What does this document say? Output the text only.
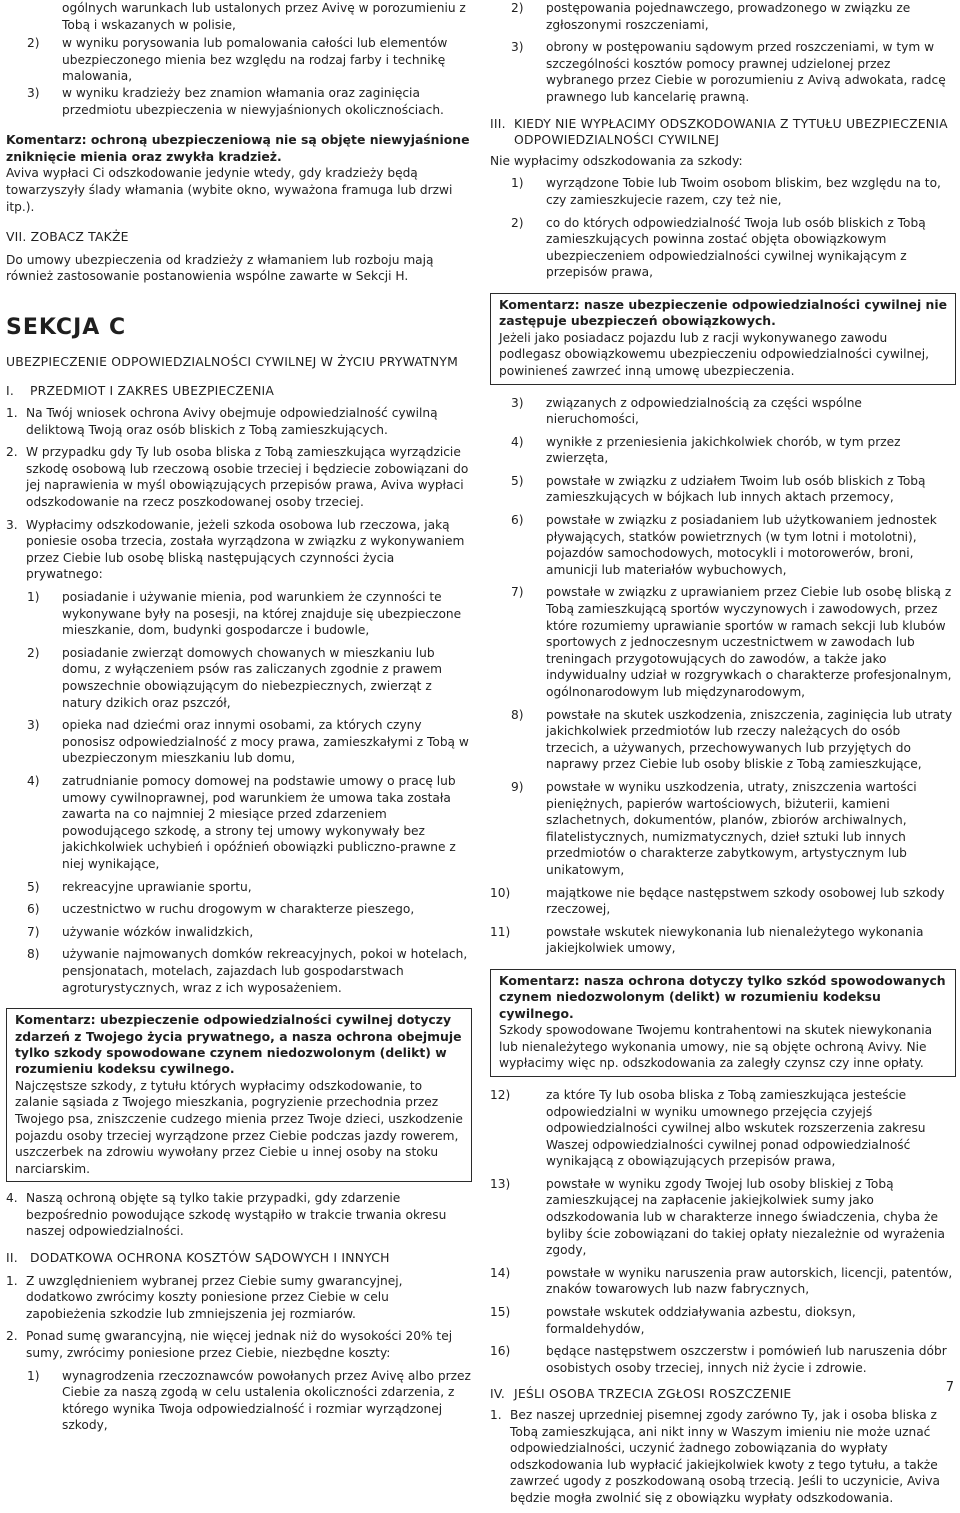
ogólnych warunkach lub ustalonych przez Avivę w porozumieniu z Tobą i wskazanych w polisie,

2) w wyniku porysowania lub pomalowania całości lub elementów ubezpieczonego mienia bez względu na rodzaj farby i technikę malowania,
3) w wyniku kradzieży bez znamion włamania oraz zaginięcia przedmiotu ubezpieczenia w niewyjaśnionych okolicznościach.

Komentarz: ochroną ubezpieczeniową nie są objęte niewyjaśnione zniknięcie mienia oraz zwykła kradzież.

Aviva wypłaci Ci odszkodowanie jedynie wtedy, gdy kradzieży będą towarzyszyły ślady włamania (wybite okno, wyważona framuga lub drzwi itp.).

VII. ZOBACZ TAKŻE

Do umowy ubezpieczenia od kradzieży z włamaniem lub rozboju mają również zastosowanie postanowienia wspólne zawarte w Sekcji H.

SEKCJA C

UBEZPIECZENIE ODPOWIEDZIALNOŚCI CYWILNEJ W ŻYCIU PRYWATNYM

I. PRZEDMIOT I ZAKRES UBEZPIECZENIA

1. Na Twój wniosek ochrona Avivy obejmuje odpowiedzialność cywilną deliktową Twoją oraz osób bliskich z Tobą zamieszkujących.
2. W przypadku gdy Ty lub osoba bliska z Tobą zamieszkująca wyrządzicie szkodę osobową lub rzeczową osobie trzeciej i będziecie zobowiązani do jej naprawienia w myśl obowiązujących przepisów prawa, Aviva wypłaci odszkodowanie na rzecz poszkodowanej osoby trzeciej.
3. Wypłacimy odszkodowanie, jeżeli szkoda osobowa lub rzeczowa, jaką poniesie osoba trzecia, została wyrządzona w związku z wykonywaniem przez Ciebie lub osobę bliską następujących czynności życia prywatnego:
1) posiadanie i używanie mienia, pod warunkiem że czynności te wykonywane były na posesji, na której znajduje się ubezpieczone mieszkanie, dom, budynki gospodarcze i budowle,
2) posiadanie zwierząt domowych chowanych w mieszkaniu lub domu, z wyłączeniem psów ras zaliczanych zgodnie z prawem powszechnie obowiązującym do niebezpiecznych, zwierząt z natury dzikich oraz pszczół,
3) opieka nad dziećmi oraz innymi osobami, za których czyny ponosisz odpowiedzialność z mocy prawa, zamieszkałymi z Tobą w ubezpieczonym mieszkaniu lub domu,
4) zatrudnianie pomocy domowej na podstawie umowy o pracę lub umowy cywilnoprawnej, pod warunkiem że umowa taka została zawarta na co najmniej 2 miesiące przed zdarzeniem powodującego szkodę, a strony tej umowy wykonywały bez jakichkolwiek uchybień i opóźnień obowiązki publiczno-prawne z niej wynikające,
5) rekreacyjne uprawianie sportu,
6) uczestnictwo w ruchu drogowym w charakterze pieszego,
7) używanie wózków inwalidzkich,
8) używanie najmowanych domków rekreacyjnych, pokoi w hotelach, pensjonatach, motelach, zajazdach lub gospodarstwach agroturystycznych, wraz z ich wyposażeniem.

Komentarz: ubezpieczenie odpowiedzialności cywilnej dotyczy zdarzeń z Twojego życia prywatnego, a nasza ochrona obejmuje tylko szkody spowodowane czynem niedozwolonym (delikt) w rozumieniu kodeksu cywilnego.

Najczęstsze szkody, z tytułu których wypłacimy odszkodowanie, to zalanie sąsiada z Twojego mieszkania, pogryzienie przechodnia przez Twojego psa, zniszczenie cudzego mienia przez Twoje dzieci, uszkodzenie pojazdu osoby trzeciej wyrządzone przez Ciebie podczas jazdy rowerem, uszczerbek na zdrowiu wywołany przez Ciebie u innej osoby na stoku narciarskim.

4. Naszą ochroną objęte są tylko takie przypadki, gdy zdarzenie bezpośrednio powodujące szkodę wystąpiło w trakcie trwania okresu naszej odpowiedzialności.

II. DODATKOWA OCHRONA KOSZTÓW SĄDOWYCH I INNYCH

1. Z uwzględnieniem wybranej przez Ciebie sumy gwarancyjnej, dodatkowo zwrócimy koszty poniesione przez Ciebie w celu zapobieżenia szkodzie lub zmniejszenia jej rozmiarów.
2. Ponad sumę gwarancyjną, nie więcej jednak niż do wysokości 20% tej sumy, zwrócimy poniesione przez Ciebie, niezbędne koszty:
1) wynagrodzenia rzeczoznawców powołanych przez Avivę albo przez Ciebie za naszą zgodą w celu ustalenia okoliczności zdarzenia, z którego wynika Twoja odpowiedzialność i rozmiar wyrządzonej szkody,
2) postępowania pojednawczego, prowadzonego w związku ze zgłoszonymi roszczeniami,
3) obrony w postępowaniu sądowym przed roszczeniami, w tym w szczególności kosztów pomocy prawnej udzielonej przez wybranego przez Ciebie w porozumieniu z Avivą adwokata, radcę prawnego lub kancelarię prawną.
III. KIEDY NIE WYPŁACIMY ODSZKODOWANIA Z TYTUŁU UBEZPIECZENIA ODPOWIEDZIALNOŚCI CYWILNEJ

Nie wypłacimy odszkodowania za szkody:

1) wyrządzone Tobie lub Twoim osobom bliskim, bez względu na to, czy zamieszkujecie razem, czy też nie,
2) co do których odpowiedzialność Twoja lub osób bliskich z Tobą zamieszkujących powinna zostać objęta obowiązkowym ubezpieczeniem odpowiedzialności cywilnej wynikającym z przepisów prawa,

Komentarz: nasze ubezpieczenie odpowiedzialności cywilnej nie zastępuje ubezpieczeń obowiązkowych.

Jeżeli jako posiadacz pojazdu lub z racji wykonywanego zawodu podlegasz obowiązkowemu ubezpieczeniu odpowiedzialności cywilnej, powinieneś zawrzeć inną umowę ubezpieczenia.

3) związanych z odpowiedzialnością za części wspólne nieruchomości,
4) wynikłe z przeniesienia jakichkolwiek chorób, w tym przez zwierzęta,
5) powstałe w związku z udziałem Twoim lub osób bliskich z Tobą zamieszkujących w bójkach lub innych aktach przemocy,
6) powstałe w związku z posiadaniem lub użytkowaniem jednostek pływających, statków powietrznych (w tym lotni i motolotni), pojazdów samochodowych, motocykli i motorowerów, broni, amunicji lub materiałów wybuchowych,
7) powstałe w związku z uprawianiem przez Ciebie lub osobę bliską z Tobą zamieszkującą sportów wyczynowych i zawodowych, przez które rozumiemy uprawianie sportów w ramach sekcji lub klubów sportowych z jednoczesnym uczestnictwem w zawodach lub treningach przygotowujących do zawodów, a także jako indywidualny udział w rozgrywkach o charakterze profesjonalnym, ogólnonarodowym lub międzynarodowym,
8) powstałe na skutek uszkodzenia, zniszczenia, zaginięcia lub utraty jakichkolwiek przedmiotów lub rzeczy należących do osób trzecich, a używanych, przechowywanych lub przyjętych do naprawy przez Ciebie lub osoby bliskie z Tobą zamieszkujące,
9) powstałe w wyniku uszkodzenia, utraty, zniszczenia wartości pieniężnych, papierów wartościowych, biżuterii, kamieni szlachetnych, dokumentów, planów, zbiorów archiwalnych, filatelistycznych, numizmatycznych, dzieł sztuki lub innych przedmiotów o charakterze zabytkowym, artystycznym lub unikatowym,
10)	majątkowe nie będące następstwem szkody osobowej lub szkody rzeczowej,
11)	powstałe wskutek niewykonania lub nienależytego wykonania jakiejkolwiek umowy,

Komentarz: nasza ochrona dotyczy tylko szkód spowodowanych czynem niedozwolonym (delikt) w rozumieniu kodeksu cywilnego.

Szkody spowodowane Twojemu kontrahentowi na skutek niewykonania lub nienależytego wykonania umowy, nie są objęte ochroną Avivy. Nie wypłacimy więc np. odszkodowania za zaległy czynsz czy inne opłaty.

12)	za które Ty lub osoba bliska z Tobą zamieszkująca jesteście odpowiedzialni w wyniku umownego przejęcia czyjejś odpowiedzialności cywilnej albo wskutek rozszerzenia zakresu Waszej odpowiedzialności cywilnej ponad odpowiedzialność wynikającą z obowiązujących przepisów prawa,
13)	powstałe w wyniku zgody Twojej lub osoby bliskiej z Tobą zamieszkującej na zapłacenie jakiejkolwiek sumy jako odszkodowania lub w charakterze innego świadczenia, chyba że byliby ście zobowiązani do takiej opłaty niezależnie od wyrażenia zgody,
14)	powstałe w wyniku naruszenia praw autorskich, licencji, patentów, znaków towarowych lub nazw fabrycznych,
15)	powstałe wskutek oddziaływania azbestu, dioksyn, formaldehydów,
16)	będące następstwem oszczerstw i pomówień lub naruszenia dóbr osobistych osoby trzeciej, innych niż życie i zdrowie.

IV. JEŚLI OSOBA TRZECIA ZGŁOSI ROSZCZENIE

1. Bez naszej uprzedniej pisemnej zgody zarówno Ty, jak i osoba bliska z Tobą zamieszkująca, ani nikt inny w Waszym imieniu nie może uznać odpowiedzialności, uczynić żadnego zobowiązania do wypłaty odszkodowania lub wypłacić jakiejkolwiek kwoty z tego tytułu, a także zawrzeć ugody z poszkodowaną osobą trzecią. Jeśli to uczynicie, Aviva będzie mogła zwolnić się z obowiązku wypłaty odszkodowania.
7
